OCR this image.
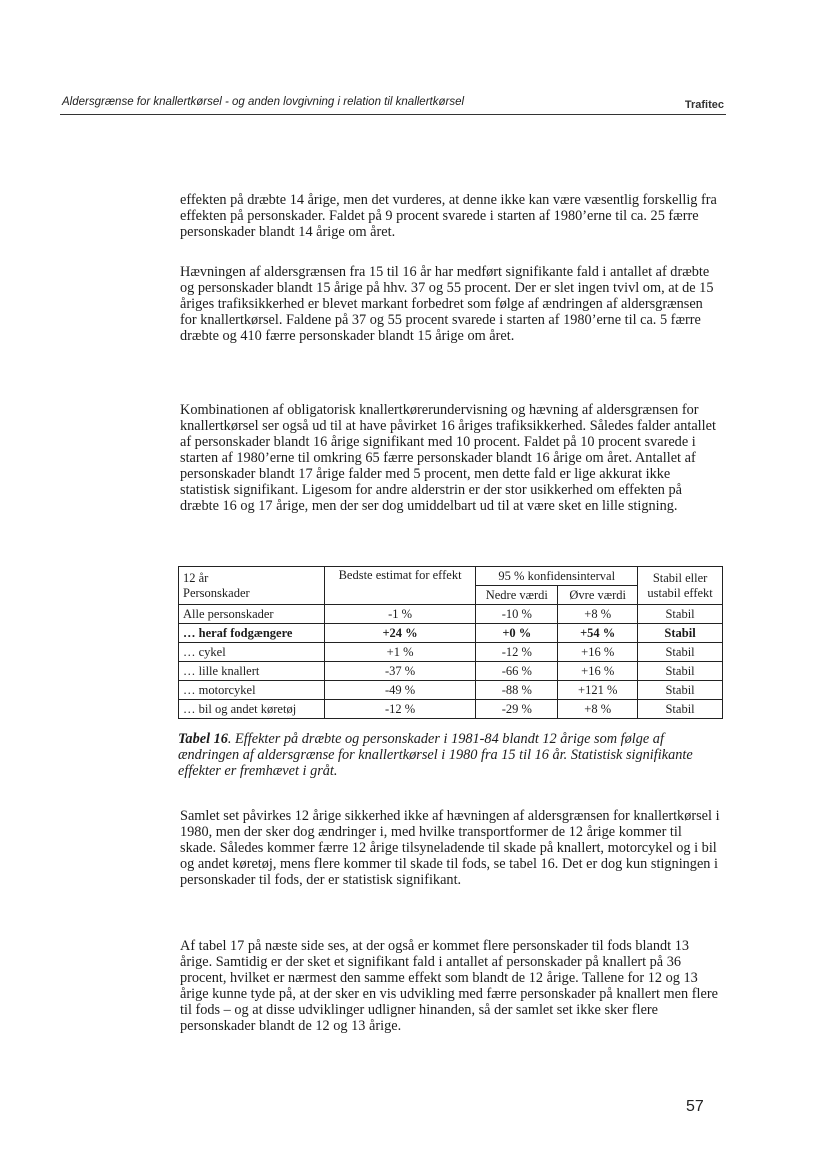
Aldersgrænse for knallertkørsel - og anden lovgivning i relation til knallertkørsel	Trafitec

effekten på dræbte 14 årige, men det vurderes, at denne ikke kan være væsentlig forskellig fra effekten på personskader. Faldet på 9 procent svarede i starten af 1980’erne til ca. 25 færre personskader blandt 14 årige om året.

Hævningen af aldersgrænsen fra 15 til 16 år har medført signifikante fald i antallet af dræbte og personskader blandt 15 årige på hhv. 37 og 55 procent. Der er slet ingen tvivl om, at de 15 åriges trafiksikkerhed er blevet markant forbedret som følge af ændringen af aldersgrænsen for knallertkørsel. Faldene på 37 og 55 procent svarede i starten af 1980’erne til ca. 5 færre dræbte og 410 færre personskader blandt 15 årige om året.

Kombinationen af obligatorisk knallertkørerundervisning og hævning af aldersgrænsen for knallertkørsel ser også ud til at have påvirket 16 åriges trafiksikkerhed. Således falder antallet af personskader blandt 16 årige signifikant med 10 procent. Faldet på 10 procent svarede i starten af 1980’erne til omkring 65 færre personskader blandt 16 årige om året. Antallet af personskader blandt 17 årige falder med 5 procent, men dette fald er lige akkurat ikke statistisk signifikant. Ligesom for andre alderstrin er der stor usikkerhed om effekten på dræbte 16 og 17 årige, men der ser dog umiddelbart ud til at være sket en lille stigning.

12 år
Personskader	Bedste estimat for effekt	95 % konfidensinterval		Stabil eller
ustabil effekt
		Nedre værdi	Øvre værdi	
Alle personskader	-1 %	-10 %	+8 %	Stabil
… heraf fodgængere	+24 %	+0 %	+54 %	Stabil
… cykel	+1 %	-12 %	+16 %	Stabil
… lille knallert	-37 %	-66 %	+16 %	Stabil
… motorcykel	-49 %	-88 %	+121 %	Stabil
… bil og andet køretøj	-12 %	-29 %	+8 %	Stabil
Tabel 16. Effekter på dræbte og personskader i 1981-84 blandt 12 årige som følge af ændringen af aldersgrænse for knallertkørsel i 1980 fra 15 til 16 år. Statistisk signifikante effekter er fremhævet i gråt.

Samlet set påvirkes 12 årige sikkerhed ikke af hævningen af aldersgrænsen for knallertkørsel i 1980, men der sker dog ændringer i, med hvilke transportformer de 12 årige kommer til skade. Således kommer færre 12 årige tilsyneladende til skade på knallert, motorcykel og i bil og andet køretøj, mens flere kommer til skade til fods, se tabel 16. Det er dog kun stigningen i personskader til fods, der er statistisk signifikant.

Af tabel 17 på næste side ses, at der også er kommet flere personskader til fods blandt 13 årige. Samtidig er der sket et signifikant fald i antallet af personskader på knallert på 36 procent, hvilket er nærmest den samme effekt som blandt de 12 årige. Tallene for 12 og 13 årige kunne tyde på, at der sker en vis udvikling med færre personskader på knallert men flere til fods – og at disse udviklinger udligner hinanden, så der samlet set ikke sker flere personskader blandt de 12 og 13 årige.

57
